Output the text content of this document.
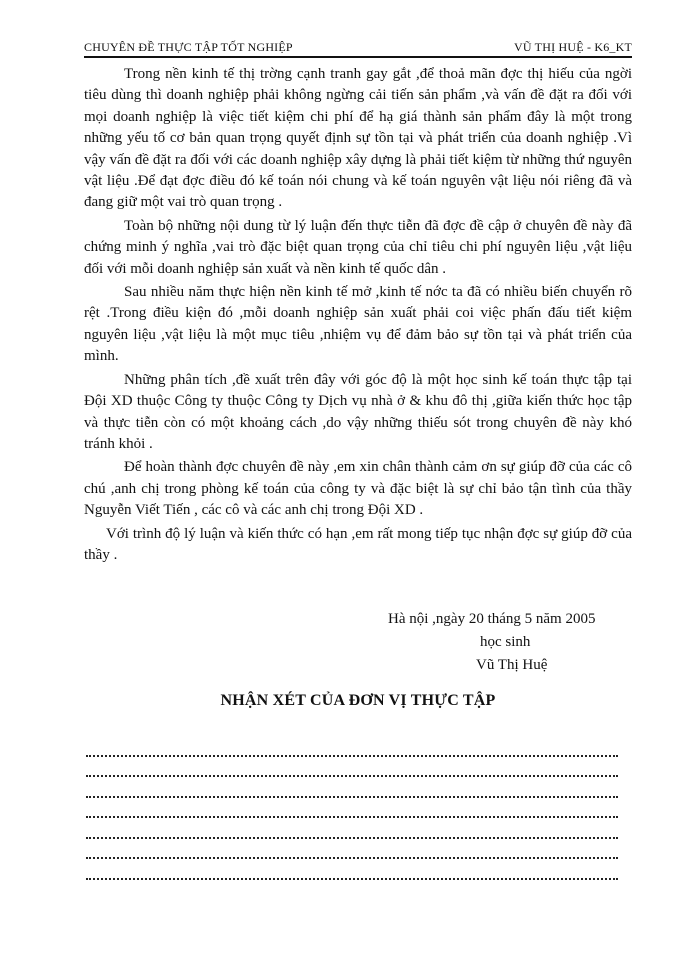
CHUYÊN ĐỀ THỰC TẬP TỐT NGHIỆP	VŨ THỊ HUỆ - K6_KT

Trong nền kinh tế thị trờng cạnh tranh gay gắt ,để thoả mãn đợc thị hiếu của ngời tiêu dùng thì doanh nghiệp phải không ngừng cải tiến sản phẩm ,và vấn đề đặt ra đối với mọi doanh nghiệp là việc tiết kiệm chi phí để hạ giá thành sản phẩm đây là một trong những yếu tố cơ bản quan trọng quyết định sự tồn tại và phát triển của doanh nghiệp .Vì vậy vấn đề đặt ra đối với các doanh nghiệp xây dựng là phải tiết kiệm từ những thứ nguyên vật liệu .Để đạt đợc điều đó kế toán nói chung và kế toán nguyên vật liệu nói riêng đã và đang giữ một vai trò quan trọng .

Toàn bộ những nội dung từ lý luận đến thực tiễn đã đợc đề cập ở chuyên đề này đã chứng minh ý nghĩa ,vai trò đặc biệt quan trọng của chỉ tiêu chi phí nguyên liệu ,vật liệu đối với mỗi doanh nghiệp sản xuất và nền kinh tế quốc dân .

Sau nhiều năm thực hiện nền kinh tế mở ,kinh tế nớc ta đã có nhiều biến chuyển rõ rệt .Trong điều kiện đó ,mỗi doanh nghiệp sản xuất phải coi việc phấn đấu tiết kiệm nguyên liệu ,vật liệu là một mục tiêu ,nhiệm vụ để đảm bảo sự tồn tại và phát triển của mình.

Những phân tích ,đề xuất trên đây với góc độ là một học sinh kế toán thực tập tại Đội XD thuộc Công ty thuộc Công ty Dịch vụ nhà ở & khu đô thị ,giữa kiến thức học tập và thực tiễn còn có một khoảng cách ,do vậy những thiếu sót trong chuyên đề này khó tránh khỏi .

Để hoàn thành đợc chuyên đề này ,em xin chân thành cảm ơn sự giúp đỡ của các cô chú ,anh chị trong phòng kế toán của công ty và đặc biệt là sự chỉ bảo tận tình của thầy Nguyễn Viết Tiến , các cô và các anh chị trong Đội XD .

Với trình độ lý luận và kiến thức có hạn ,em rất mong tiếp tục nhận đợc sự giúp đỡ của thầy .

Hà nội ,ngày 20 tháng 5 năm 2005
học sinh
Vũ Thị Huệ
NHẬN XÉT CỦA ĐƠN VỊ THỰC TẬP
